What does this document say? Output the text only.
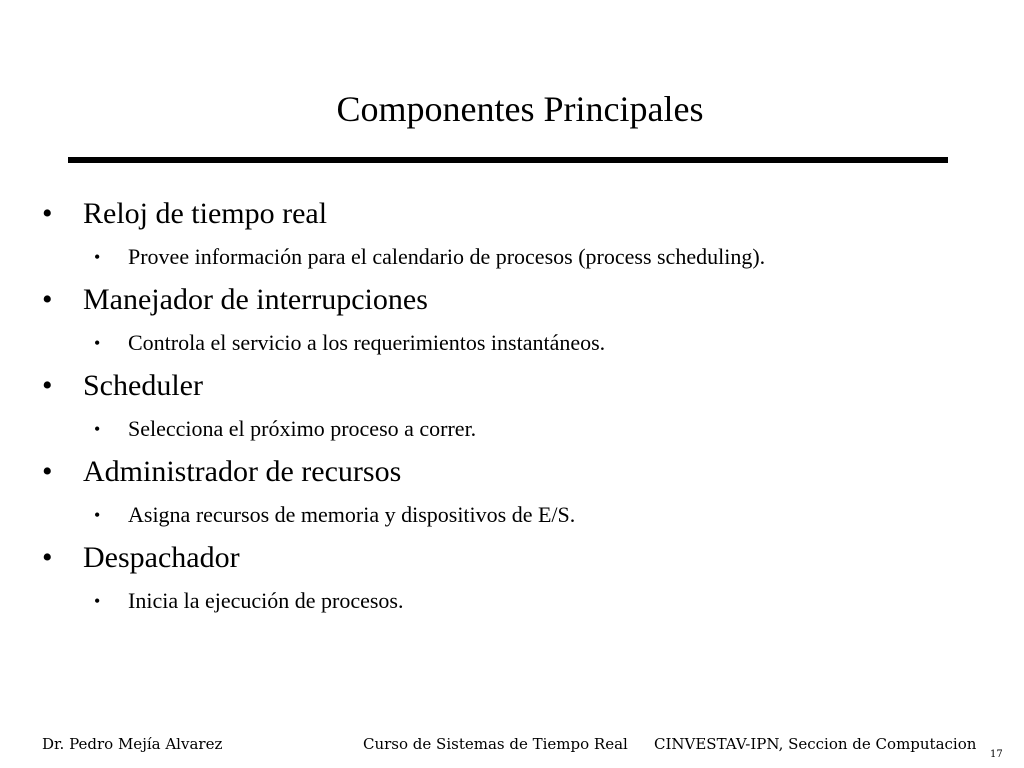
Componentes Principales
• Reloj de tiempo real
• Provee información para el calendario de procesos (process scheduling).
• Manejador de interrupciones
• Controla el servicio a los requerimientos instantáneos.
• Scheduler
• Selecciona el próximo proceso a correr.
• Administrador de recursos
• Asigna recursos de memoria y dispositivos de E/S.
• Despachador
• Inicia la ejecución de procesos.
Dr. Pedro Mejía Alvarez	Curso de Sistemas de Tiempo Real CINVESTAV-IPN, Seccion de Computacion
17
